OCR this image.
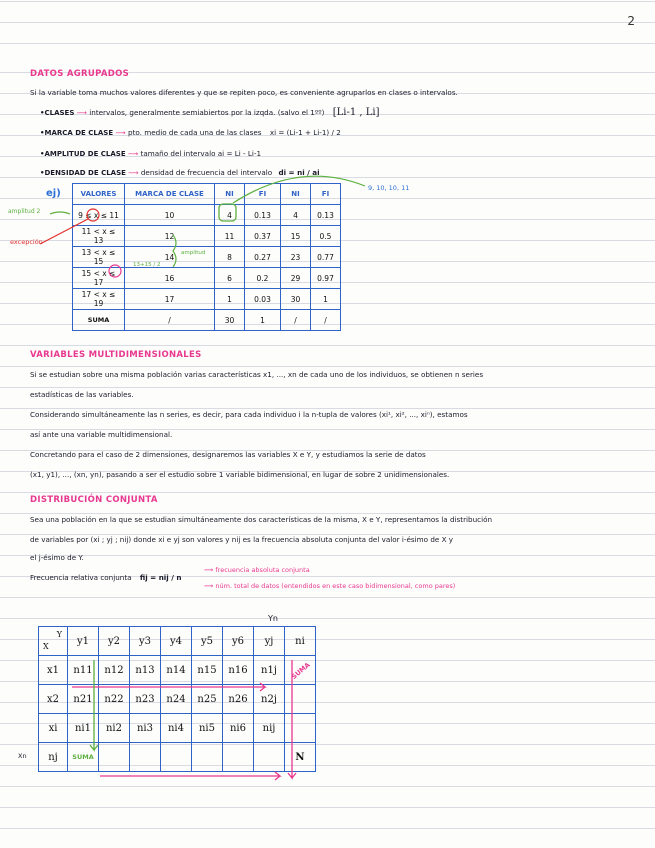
2
DATOS AGRUPADOS
Si la variable toma muchos valores diferentes y que se repiten poco, es conveniente agruparlos en clases o intervalos.
•CLASES ⟿ intervalos, generalmente semiabiertos por la izqda. (salvo el 1ºº) [Li-1 , Li]
•MARCA DE CLASE ⟿ pto. medio de cada una de las clases xi = (Li-1 + Li-1) / 2
•AMPLITUD DE CLASE ⟿ tamaño del intervalo ai = Li - Li-1
•DENSIDAD DE CLASE ⟿ densidad de frecuencia del intervalo di = ni / ai
9, 10, 10, 11
ej)
amplitud 2
excepción
amplitud
13+15 / 2
VALORES	MARCA DE CLASE	NI	FI	NI	FI
9 ≤ x ≤ 11	10	4	0.13	4	0.13
11 < x ≤ 13	12	11	0.37	15	0.5
13 < x ≤ 15	14	8	0.27	23	0.77
15 < x ≤ 17	16	6	0.2	29	0.97
17 < x ≤ 19	17	1	0.03	30	1
SUMA	/	30	1	/	/
VARIABLES MULTIDIMENSIONALES
Si se estudian sobre una misma población varias características x1, ..., xn de cada uno de los individuos, se obtienen n series
estadísticas de las variables.
Considerando simultáneamente las n series, es decir, para cada individuo i la n-tupla de valores (xi¹, xi², ..., xiⁿ), estamos
así ante una variable multidimensional.
Concretando para el caso de 2 dimensiones, designaremos las variables X e Y, y estudiamos la serie de datos
(x1, y1), ..., (xn, yn), pasando a ser el estudio sobre 1 variable bidimensional, en lugar de sobre 2 unidimensionales.
DISTRIBUCIÓN CONJUNTA
Sea una población en la que se estudian simultáneamente dos características de la misma, X e Y, representamos la distribución
de variables por (xi ; yj ; nij) donde xi e yj son valores y nij es la frecuencia absoluta conjunta del valor i-ésimo de X y
el j-ésimo de Y.
Frecuencia relativa conjunta fij = nij / n
⟿ frecuencia absoluta conjunta
⟿ núm. total de datos (entendidos en este caso bidimensional, como pares)
Yn
Xn
X
Y	y1	y2	y3	y4	y5	y6	yj	ni
x1	n11	n12	n13	n14	n15	n16	n1j	SUMA
x2	n21	n22	n23	n24	n25	n26	n2j	
xi	ni1	ni2	ni3	ni4	ni5	ni6	nij	
nj	SUMA							N
